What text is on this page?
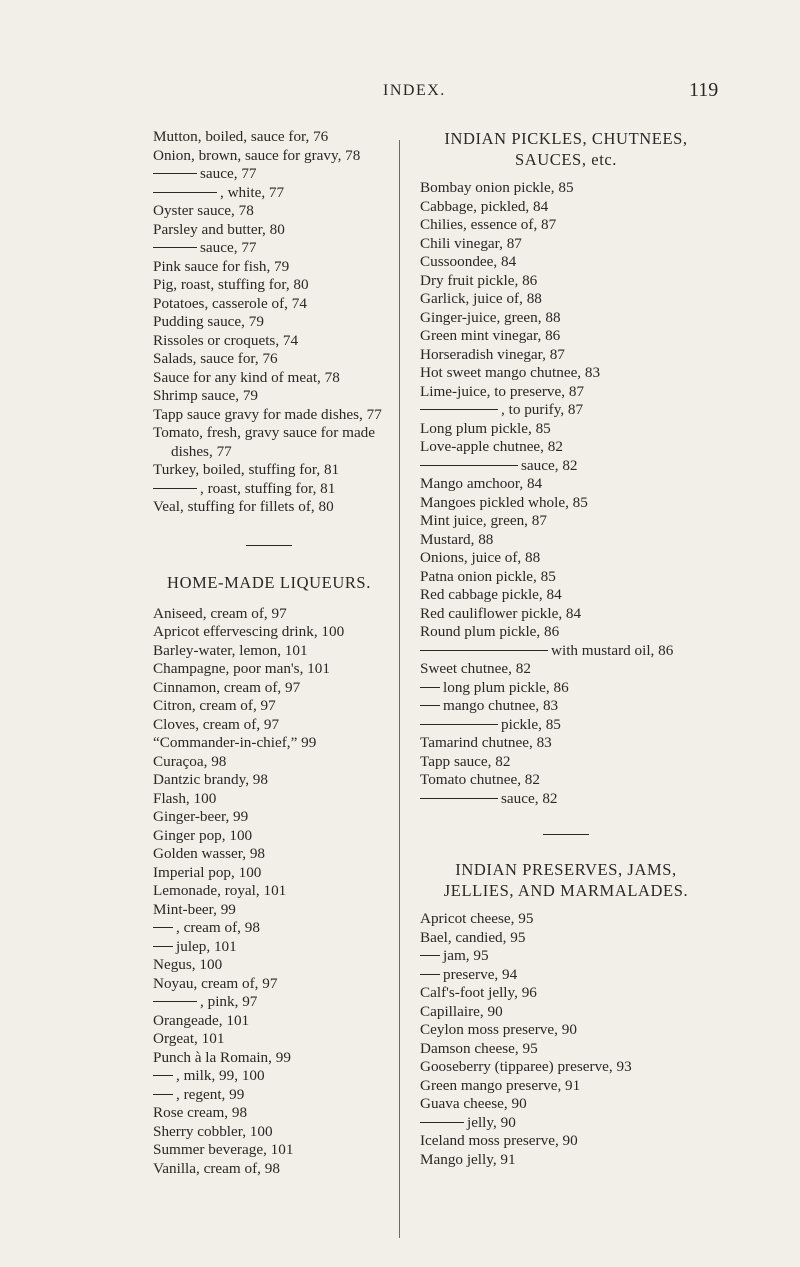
INDEX.	119
Mutton, boiled, sauce for, 76
Onion, brown, sauce for gravy, 78
sauce, 77
, white, 77
Oyster sauce, 78
Parsley and butter, 80
sauce, 77
Pink sauce for fish, 79
Pig, roast, stuffing for, 80
Potatoes, casserole of, 74
Pudding sauce, 79
Rissoles or croquets, 74
Salads, sauce for, 76
Sauce for any kind of meat, 78
Shrimp sauce, 79
Tapp sauce gravy for made dishes, 77
Tomato, fresh, gravy sauce for made dishes, 77
Turkey, boiled, stuffing for, 81
, roast, stuffing for, 81
Veal, stuffing for fillets of, 80
HOME-MADE LIQUEURS.
Aniseed, cream of, 97
Apricot effervescing drink, 100
Barley-water, lemon, 101
Champagne, poor man's, 101
Cinnamon, cream of, 97
Citron, cream of, 97
Cloves, cream of, 97
“Commander-in-chief,” 99
Curaçoa, 98
Dantzic brandy, 98
Flash, 100
Ginger-beer, 99
Ginger pop, 100
Golden wasser, 98
Imperial pop, 100
Lemonade, royal, 101
Mint-beer, 99
, cream of, 98
julep, 101
Negus, 100
Noyau, cream of, 97
, pink, 97
Orangeade, 101
Orgeat, 101
Punch à la Romain, 99
, milk, 99, 100
, regent, 99
Rose cream, 98
Sherry cobbler, 100
Summer beverage, 101
Vanilla, cream of, 98
INDIAN PICKLES, CHUTNEES,
SAUCES, etc.
Bombay onion pickle, 85
Cabbage, pickled, 84
Chilies, essence of, 87
Chili vinegar, 87
Cussoondee, 84
Dry fruit pickle, 86
Garlick, juice of, 88
Ginger-juice, green, 88
Green mint vinegar, 86
Horseradish vinegar, 87
Hot sweet mango chutnee, 83
Lime-juice, to preserve, 87
, to purify, 87
Long plum pickle, 85
Love-apple chutnee, 82
sauce, 82
Mango amchoor, 84
Mangoes pickled whole, 85
Mint juice, green, 87
Mustard, 88
Onions, juice of, 88
Patna onion pickle, 85
Red cabbage pickle, 84
Red cauliflower pickle, 84
Round plum pickle, 86
with mustard oil, 86
Sweet chutnee, 82
long plum pickle, 86
mango chutnee, 83
pickle, 85
Tamarind chutnee, 83
Tapp sauce, 82
Tomato chutnee, 82
sauce, 82
INDIAN PRESERVES, JAMS,
JELLIES, AND MARMALADES.
Apricot cheese, 95
Bael, candied, 95
jam, 95
preserve, 94
Calf's-foot jelly, 96
Capillaire, 90
Ceylon moss preserve, 90
Damson cheese, 95
Gooseberry (tipparee) preserve, 93
Green mango preserve, 91
Guava cheese, 90
jelly, 90
Iceland moss preserve, 90
Mango jelly, 91
